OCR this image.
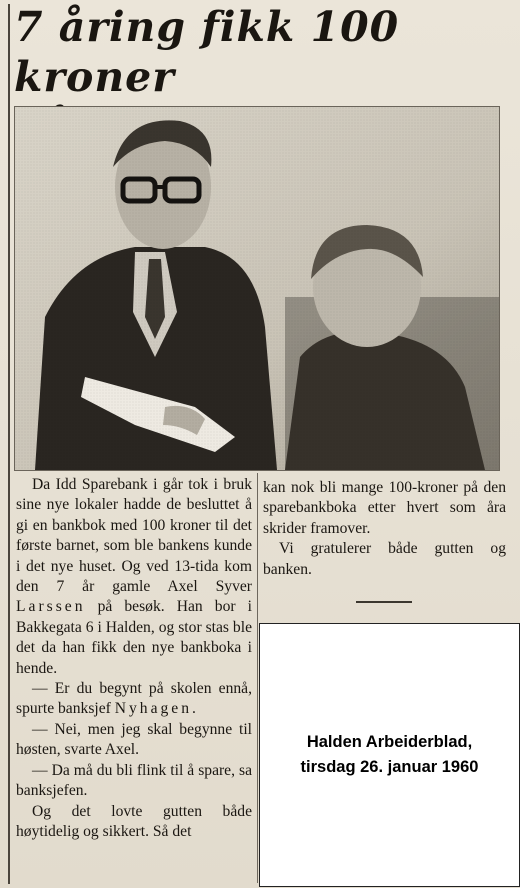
7 åring fikk 100 kroner

Da Idd Sparebank i går tok i bruk sine nye lokaler hadde de besluttet å gi en bankbok med 100 kroner til det første barnet, som ble bankens kunde i det nye huset. Og ved 13-tida kom den 7 år gamle Axel Syver Larssen på besøk. Han bor i Bakkegata 6 i Halden, og stor stas ble det da han fikk den nye bankboka i hende.

— Er du begynt på skolen ennå, spurte banksjef Nyhagen.

— Nei, men jeg skal begynne til høsten, svarte Axel.

— Da må du bli flink til å spare, sa banksjefen.

Og det lovte gutten både høytidelig og sikkert. Så det

kan nok bli mange 100-kroner på den sparebankboka etter hvert som åra skrider framover.

Vi gratulerer både gutten og banken.

Halden Arbeiderblad,
tirsdag 26. januar 1960
